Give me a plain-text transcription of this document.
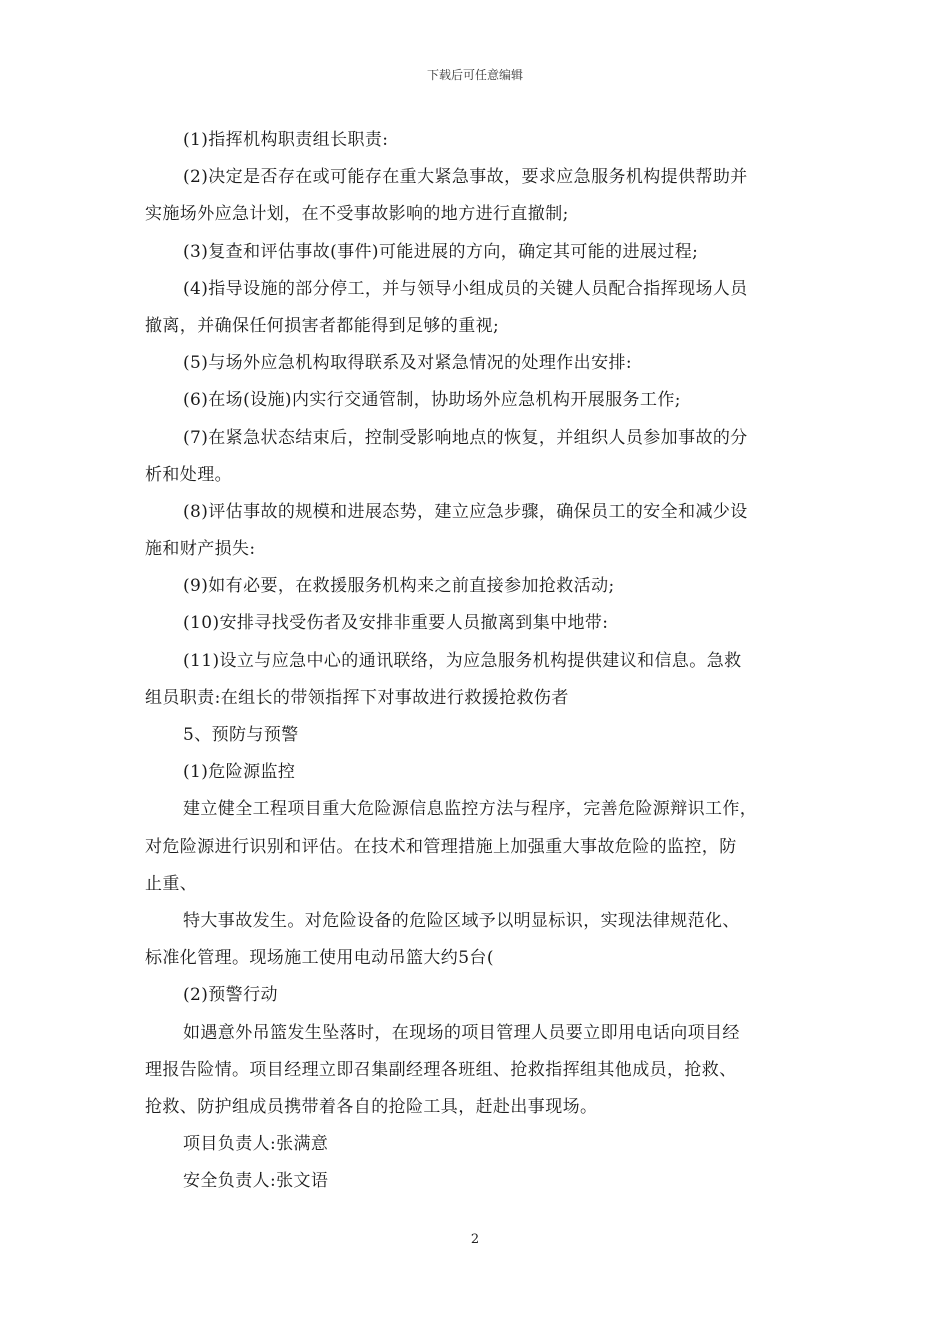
下载后可任意编辑
(1)指挥机构职责组长职责:
(2)决定是否存在或可能存在重大紧急事故，要求应急服务机构提供帮助并
实施场外应急计划，在不受事故影响的地方进行直撤制;
(3)复查和评估事故(事件)可能进展的方向，确定其可能的进展过程;
(4)指导设施的部分停工，并与领导小组成员的关键人员配合指挥现场人员
撤离，并确保任何损害者都能得到足够的重视;
(5)与场外应急机构取得联系及对紧急情况的处理作出安排:
(6)在场(设施)内实行交通管制，协助场外应急机构开展服务工作;
(7)在紧急状态结束后，控制受影响地点的恢复，并组织人员参加事故的分
析和处理。
(8)评估事故的规模和进展态势，建立应急步骤，确保员工的安全和减少设
施和财产损失:
(9)如有必要，在救援服务机构来之前直接参加抢救活动;
(10)安排寻找受伤者及安排非重要人员撤离到集中地带:
(11)设立与应急中心的通讯联络，为应急服务机构提供建议和信息。急救
组员职责:在组长的带领指挥下对事故进行救援抢救伤者
5、预防与预警
(1)危险源监控
建立健全工程项目重大危险源信息监控方法与程序，完善危险源辩识工作，
对危险源进行识别和评估。在技术和管理措施上加强重大事故危险的监控，防
止重、
特大事故发生。对危险设备的危险区域予以明显标识，实现法律规范化、
标准化管理。现场施工使用电动吊篮大约5台(
(2)预警行动
如遇意外吊篮发生坠落时，在现场的项目管理人员要立即用电话向项目经
理报告险情。项目经理立即召集副经理各班组、抢救指挥组其他成员，抢救、
抢救、防护组成员携带着各自的抢险工具，赶赴出事现场。
项目负责人:张满意
安全负责人:张文语
2
